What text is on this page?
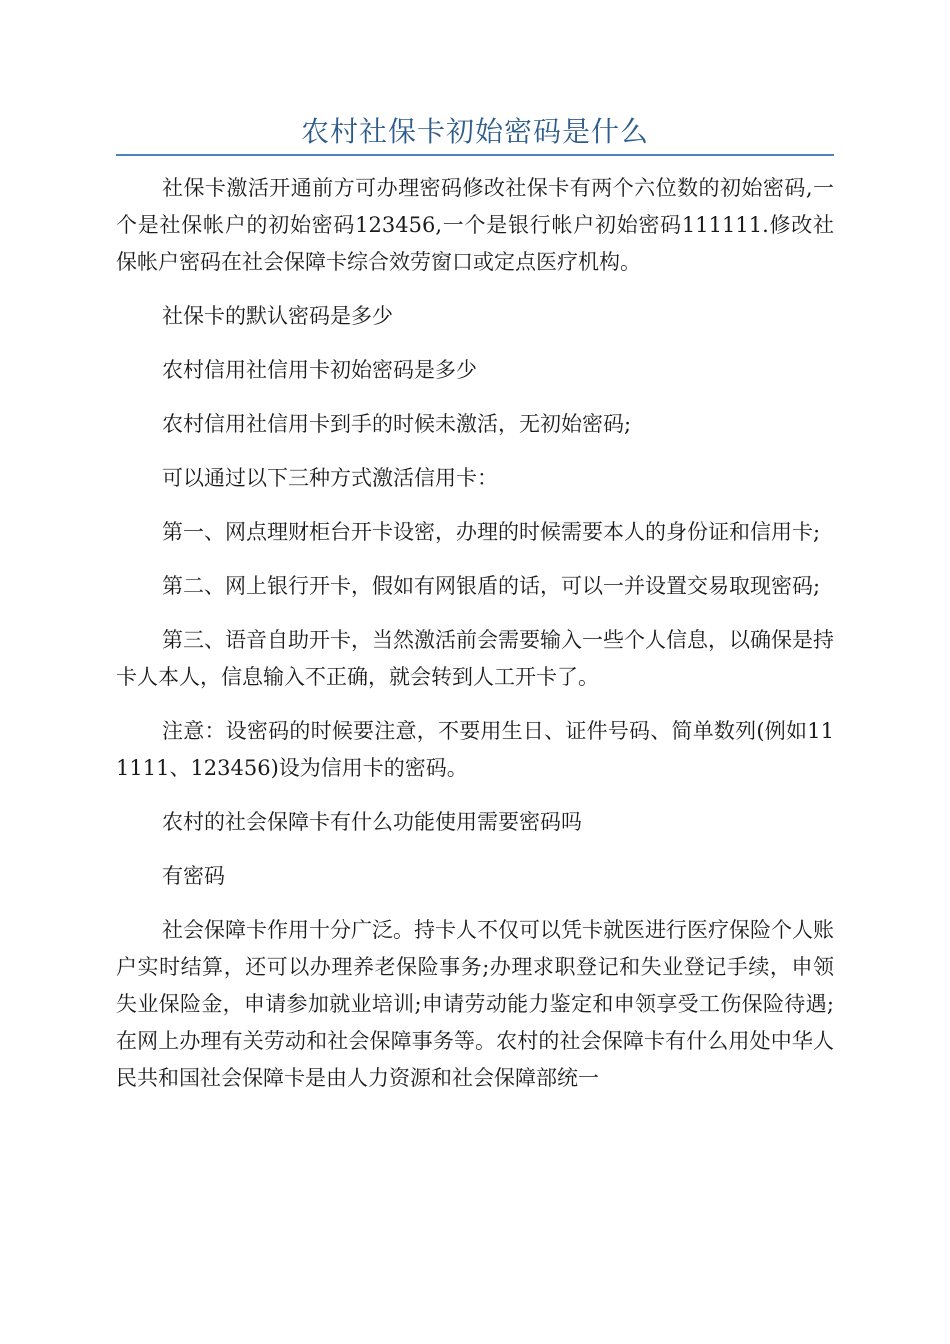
农村社保卡初始密码是什么

社保卡激活开通前方可办理密码修改社保卡有两个六位数的初始密码,一个是社保帐户的初始密码123456,一个是银行帐户初始密码111111.修改社保帐户密码在社会保障卡综合效劳窗口或定点医疗机构。

社保卡的默认密码是多少

农村信用社信用卡初始密码是多少

农村信用社信用卡到手的时候未激活，无初始密码;

可以通过以下三种方式激活信用卡：

第一、网点理财柜台开卡设密，办理的时候需要本人的身份证和信用卡;

第二、网上银行开卡，假如有网银盾的话，可以一并设置交易取现密码;

第三、语音自助开卡，当然激活前会需要输入一些个人信息，以确保是持卡人本人，信息输入不正确，就会转到人工开卡了。

注意：设密码的时候要注意，不要用生日、证件号码、简单数列(例如111111、123456)设为信用卡的密码。

农村的社会保障卡有什么功能使用需要密码吗

有密码

社会保障卡作用十分广泛。持卡人不仅可以凭卡就医进行医疗保险个人账户实时结算，还可以办理养老保险事务;办理求职登记和失业登记手续，申领失业保险金，申请参加就业培训;申请劳动能力鉴定和申领享受工伤保险待遇;在网上办理有关劳动和社会保障事务等。农村的社会保障卡有什么用处中华人民共和国社会保障卡是由人力资源和社会保障部统一
